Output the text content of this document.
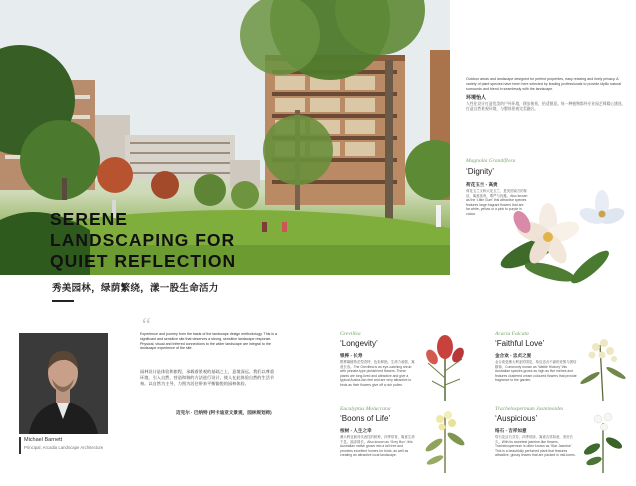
SERENE
LANDSCAPING FOR
QUIET REFLECTION
秀美园林，绿荫繁绕，漾一股生命活力
Outdoor areas and landscape designed for perfect properties, easy relaxing and lively privacy. A variety of plant species have been here selected by leading professionals to provide idyllic natural surrounds and blend in seamlessly with the landscape.
环境怡人
人性化设计打造优美的户外环境，移步换景，怡适惬意。每一种植物都经专业园艺师精心挑选，打造自然景观环境，与整体景观完美融合。
Magnolia Grandiflora
‘Dignity’
荷花玉兰 - 高贵
荷花玉兰又称大花玉兰，是美国南方的象征，寓意高贵、尊严与优雅。Also known as the ‘Little Gum’ this attractive species features large fragrant flowers that are far white, yellow or a pink to purple in colour.
Grevillea
‘Longevity’
银桦 - 长寿
银桦属植物花型奇特，色彩鲜艳，生命力顽强，寓意长寿。The Grevillea is an eye-catching shrub with pinnate-type pinkish/red flowers. These plants are long-lived and attractive and give a typical Austra-lian feel and are very attractive to birds as their flowers give off a rich pollen.
Eucalyptus Moluccana
‘Boons of Life’
桉树 - 人生之幸
澳大利亚最具代表性的树种，四季常青，寓意生命不息，福泽绵长。Also known as ‘Grey Box’, this Australian native grows into a tall tree and provides excellent homes for birds, as well as creating an attractive local landscape.
Acacia Falcata
‘Faithful Love’
金合欢 - 忠贞之爱
金合欢是澳大利亚的国花，象征忠贞不渝的爱情与团结精神。Commonly known as ‘Wattle Hickory’ this Australian species grows as high as five metres and features clustered cream coloured flowers that provide fragrance to the garden.
Trachelospermum Jasminoides
‘Auspicious’
络石 - 吉祥如意
络石花洁白芬芳，四季常绿，寓意吉祥如意，美好长久。With its sweetest jasmine-like flowers, Trachelospermum is often known as ‘Star Jasmine’. This is a beautifully perfumed plant that features attractive, glossy leaves that are packed in mid-tones.
Michael Barnett
Principal, Arcadia Landscape Architecture
“
Experience and journey form the basis of the landscape design methodology. This is a significant and sensitive site that deserves a strong, sensitive landscape response. Physical, visual and inferred connections to the wider landscape are integral to the landscape experience of the site.
园林设计是体验和旅程，承载着景观的基础之上，意境深远。我们以尊重环境、引入自然，营造和谐的方法进行设计，使人在此体验自然的生活节奏。以自然为主导，力图为居住带来平衡愉悦的园林体验。
迈克尔 · 巴纳特 (阿卡迪亚文景观，园林规划师)
